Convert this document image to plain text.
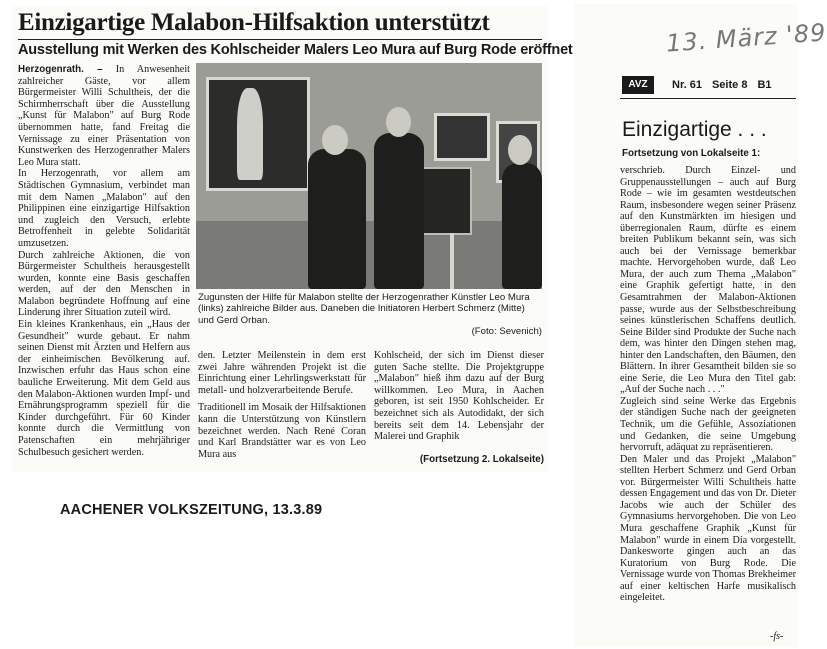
Einzigartige Malabon-Hilfsaktion unterstützt
Ausstellung mit Werken des Kohlscheider Malers Leo Mura auf Burg Rode eröffnet

Herzogenrath. – In Anwesenheit zahlreicher Gäste, vor allem Bürgermeister Willi Schultheis, der die Schirmherrschaft über die Ausstellung „Kunst für Malabon" auf Burg Rode übernommen hatte, fand Freitag die Vernissage zu einer Präsentation von Kunstwerken des Herzogenrather Malers Leo Mura statt.

In Herzogenrath, vor allem am Städtischen Gymnasium, verbindet man mit dem Namen „Malabon" auf den Philippinen eine einzigartige Hilfsaktion und zugleich den Versuch, erlebte Betroffenheit in gelebte Solidarität umzusetzen.

Durch zahlreiche Aktionen, die von Bürgermeister Schultheis herausgestellt wurden, konnte eine Basis geschaffen werden, auf der den Menschen in Malabon begründete Hoffnung auf eine Linderung ihrer Situation zuteil wird.

Ein kleines Krankenhaus, ein „Haus der Gesundheit" wurde gebaut. Er nahm seinen Dienst mit Ärzten und Helfern aus der einheimischen Bevölkerung auf. Inzwischen erfuhr das Haus schon eine bauliche Erweiterung. Mit dem Geld aus den Malabon-Aktionen wurden Impf- und Ernährungsprogramm speziell für die Kinder durchgeführt. Für 60 Kinder konnte durch die Vermittlung von Patenschaften ein mehrjähriger Schulbesuch gesichert werden.

Zugunsten der Hilfe für Malabon stellte der Herzogenrather Künstler Leo Mura (links) zahlreiche Bilder aus. Daneben die Initiatoren Herbert Schmerz (Mitte) und Gerd Orban.
(Foto: Sevenich)

den. Letzter Meilenstein in dem erst zwei Jahre währenden Projekt ist die Einrichtung einer Lehrlingswerkstatt für metall- und holzverarbeitende Berufe.

Traditionell im Mosaik der Hilfsaktionen kann die Unterstützung von Künstlern bezeichnet werden. Nach René Coran und Karl Brandstätter war es von Leo Mura aus

Kohlscheid, der sich im Dienst dieser guten Sache stellte. Die Projektgruppe „Malabon" hieß ihm dazu auf der Burg willkommen. Leo Mura, in Aachen geboren, ist seit 1950 Kohlscheider. Er bezeichnet sich als Autodidakt, der sich bereits seit dem 14. Lebensjahr der Malerei und Graphik

(Fortsetzung 2. Lokalseite)
AACHENER VOLKSZEITUNG, 13.3.89
13. März '89
AVZ	Nr. 61 Seite 8 B1
Einzigartige . . .
Fortsetzung von Lokalseite 1:

verschrieb. Durch Einzel- und Gruppenausstellungen – auch auf Burg Rode – wie im gesamten westdeutschen Raum, insbesondere wegen seiner Präsenz auf den Kunstmärkten im hiesigen und überregionalen Raum, dürfte es einem breiten Publikum bekannt sein, was sich auch bei der Vernissage bemerkbar machte. Hervorgehoben wurde, daß Leo Mura, der auch zum Thema „Malabon" eine Graphik gefertigt hatte, in den Gesamtrahmen der Malabon-Aktionen passe, wurde aus der Selbstbeschreibung seines künstlerischen Schaffens deutlich. Seine Bilder sind Produkte der Suche nach dem, was hinter den Dingen stehen mag, hinter den Landschaften, den Bäumen, den Blättern. In ihrer Gesamtheit bilden sie so eine Serie, die Leo Mura den Titel gab: „Auf der Suche nach . . ."

Zugleich sind seine Werke das Ergebnis der ständigen Suche nach der geeigneten Technik, um die Gefühle, Assoziationen und Gedanken, die seine Umgebung hervorruft, adäquat zu repräsentieren.

Den Maler und das Projekt „Malabon" stellten Herbert Schmerz und Gerd Orban vor. Bürgermeister Willi Schultheis hatte dessen Engagement und das von Dr. Dieter Jacobs wie auch der Schüler des Gymnasiums hervorgehoben. Die von Leo Mura geschaffene Graphik „Kunst für Malabon" wurde in einem Dia vorgestellt. Dankesworte gingen auch an das Kuratorium von Burg Rode. Die Vernissage wurde von Thomas Brekheimer auf einer keltischen Harfe musikalisch eingeleitet.

-fs-
